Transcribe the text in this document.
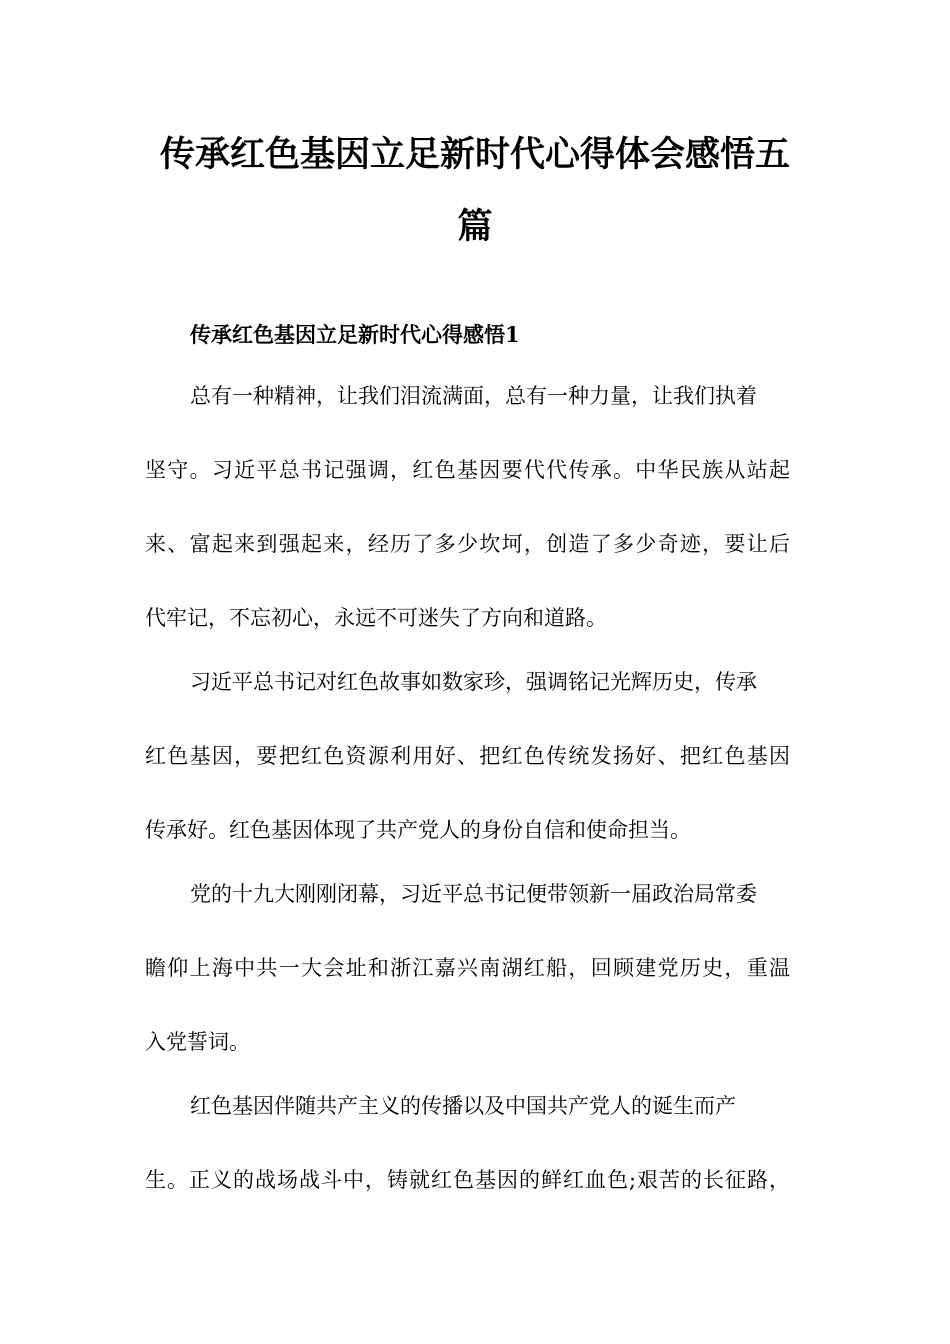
传承红色基因立足新时代心得体会感悟五
篇
传承红色基因立足新时代心得感悟1
总有一种精神，让我们泪流满面，总有一种力量，让我们执着
坚守。习近平总书记强调，红色基因要代代传承。中华民族从站起
来、富起来到强起来，经历了多少坎坷，创造了多少奇迹，要让后
代牢记，不忘初心，永远不可迷失了方向和道路。
习近平总书记对红色故事如数家珍，强调铭记光辉历史，传承
红色基因，要把红色资源利用好、把红色传统发扬好、把红色基因
传承好。红色基因体现了共产党人的身份自信和使命担当。
党的十九大刚刚闭幕，习近平总书记便带领新一届政治局常委
瞻仰上海中共一大会址和浙江嘉兴南湖红船，回顾建党历史，重温
入党誓词。
红色基因伴随共产主义的传播以及中国共产党人的诞生而产
生。正义的战场战斗中，铸就红色基因的鲜红血色;艰苦的长征路，
